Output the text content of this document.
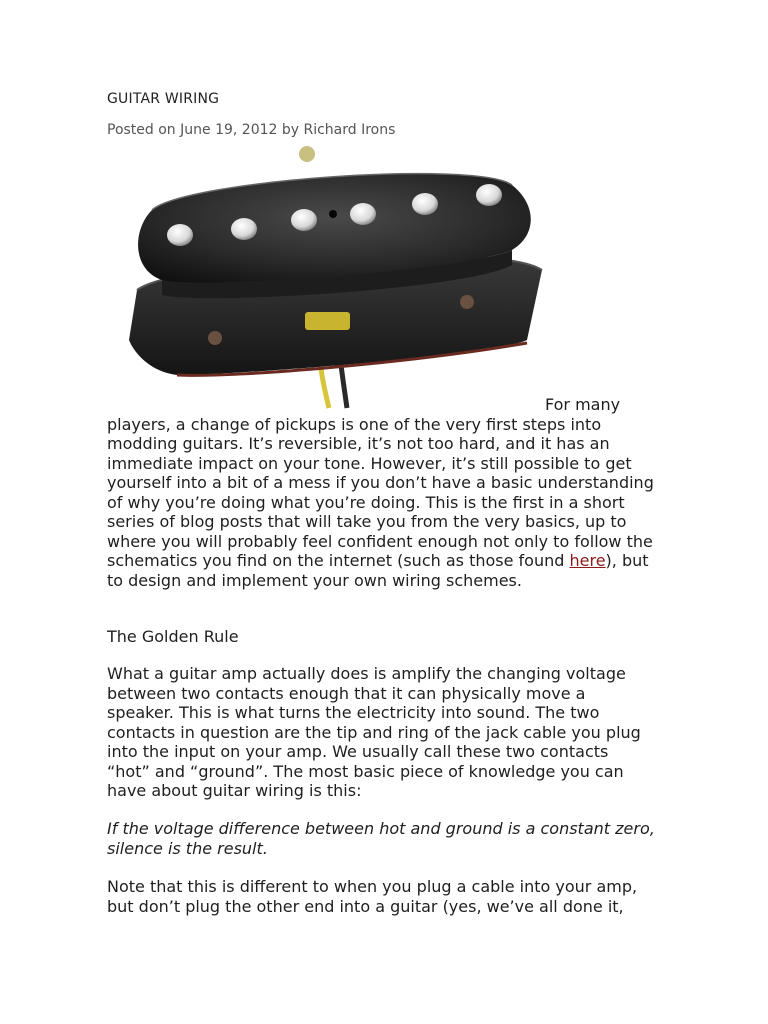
GUITAR WIRING
Posted on June 19, 2012 by Richard Irons
For many players, a change of pickups is one of the very first steps into modding guitars. It’s reversible, it’s not too hard, and it has an immediate impact on your tone. However, it’s still possible to get yourself into a bit of a mess if you don’t have a basic understanding of why you’re doing what you’re doing. This is the first in a short series of blog posts that will take you from the very basics, up to where you will probably feel confident enough not only to follow the schematics you find on the internet (such as those found here), but to design and implement your own wiring schemes.
The Golden Rule
What a guitar amp actually does is amplify the changing voltage between two contacts enough that it can physically move a speaker. This is what turns the electricity into sound. The two contacts in question are the tip and ring of the jack cable you plug into the input on your amp. We usually call these two contacts “hot” and “ground”. The most basic piece of knowledge you can have about guitar wiring is this:
If the voltage difference between hot and ground is a constant zero, silence is the result.
Note that this is different to when you plug a cable into your amp, but don’t plug the other end into a guitar (yes, we’ve all done it,
